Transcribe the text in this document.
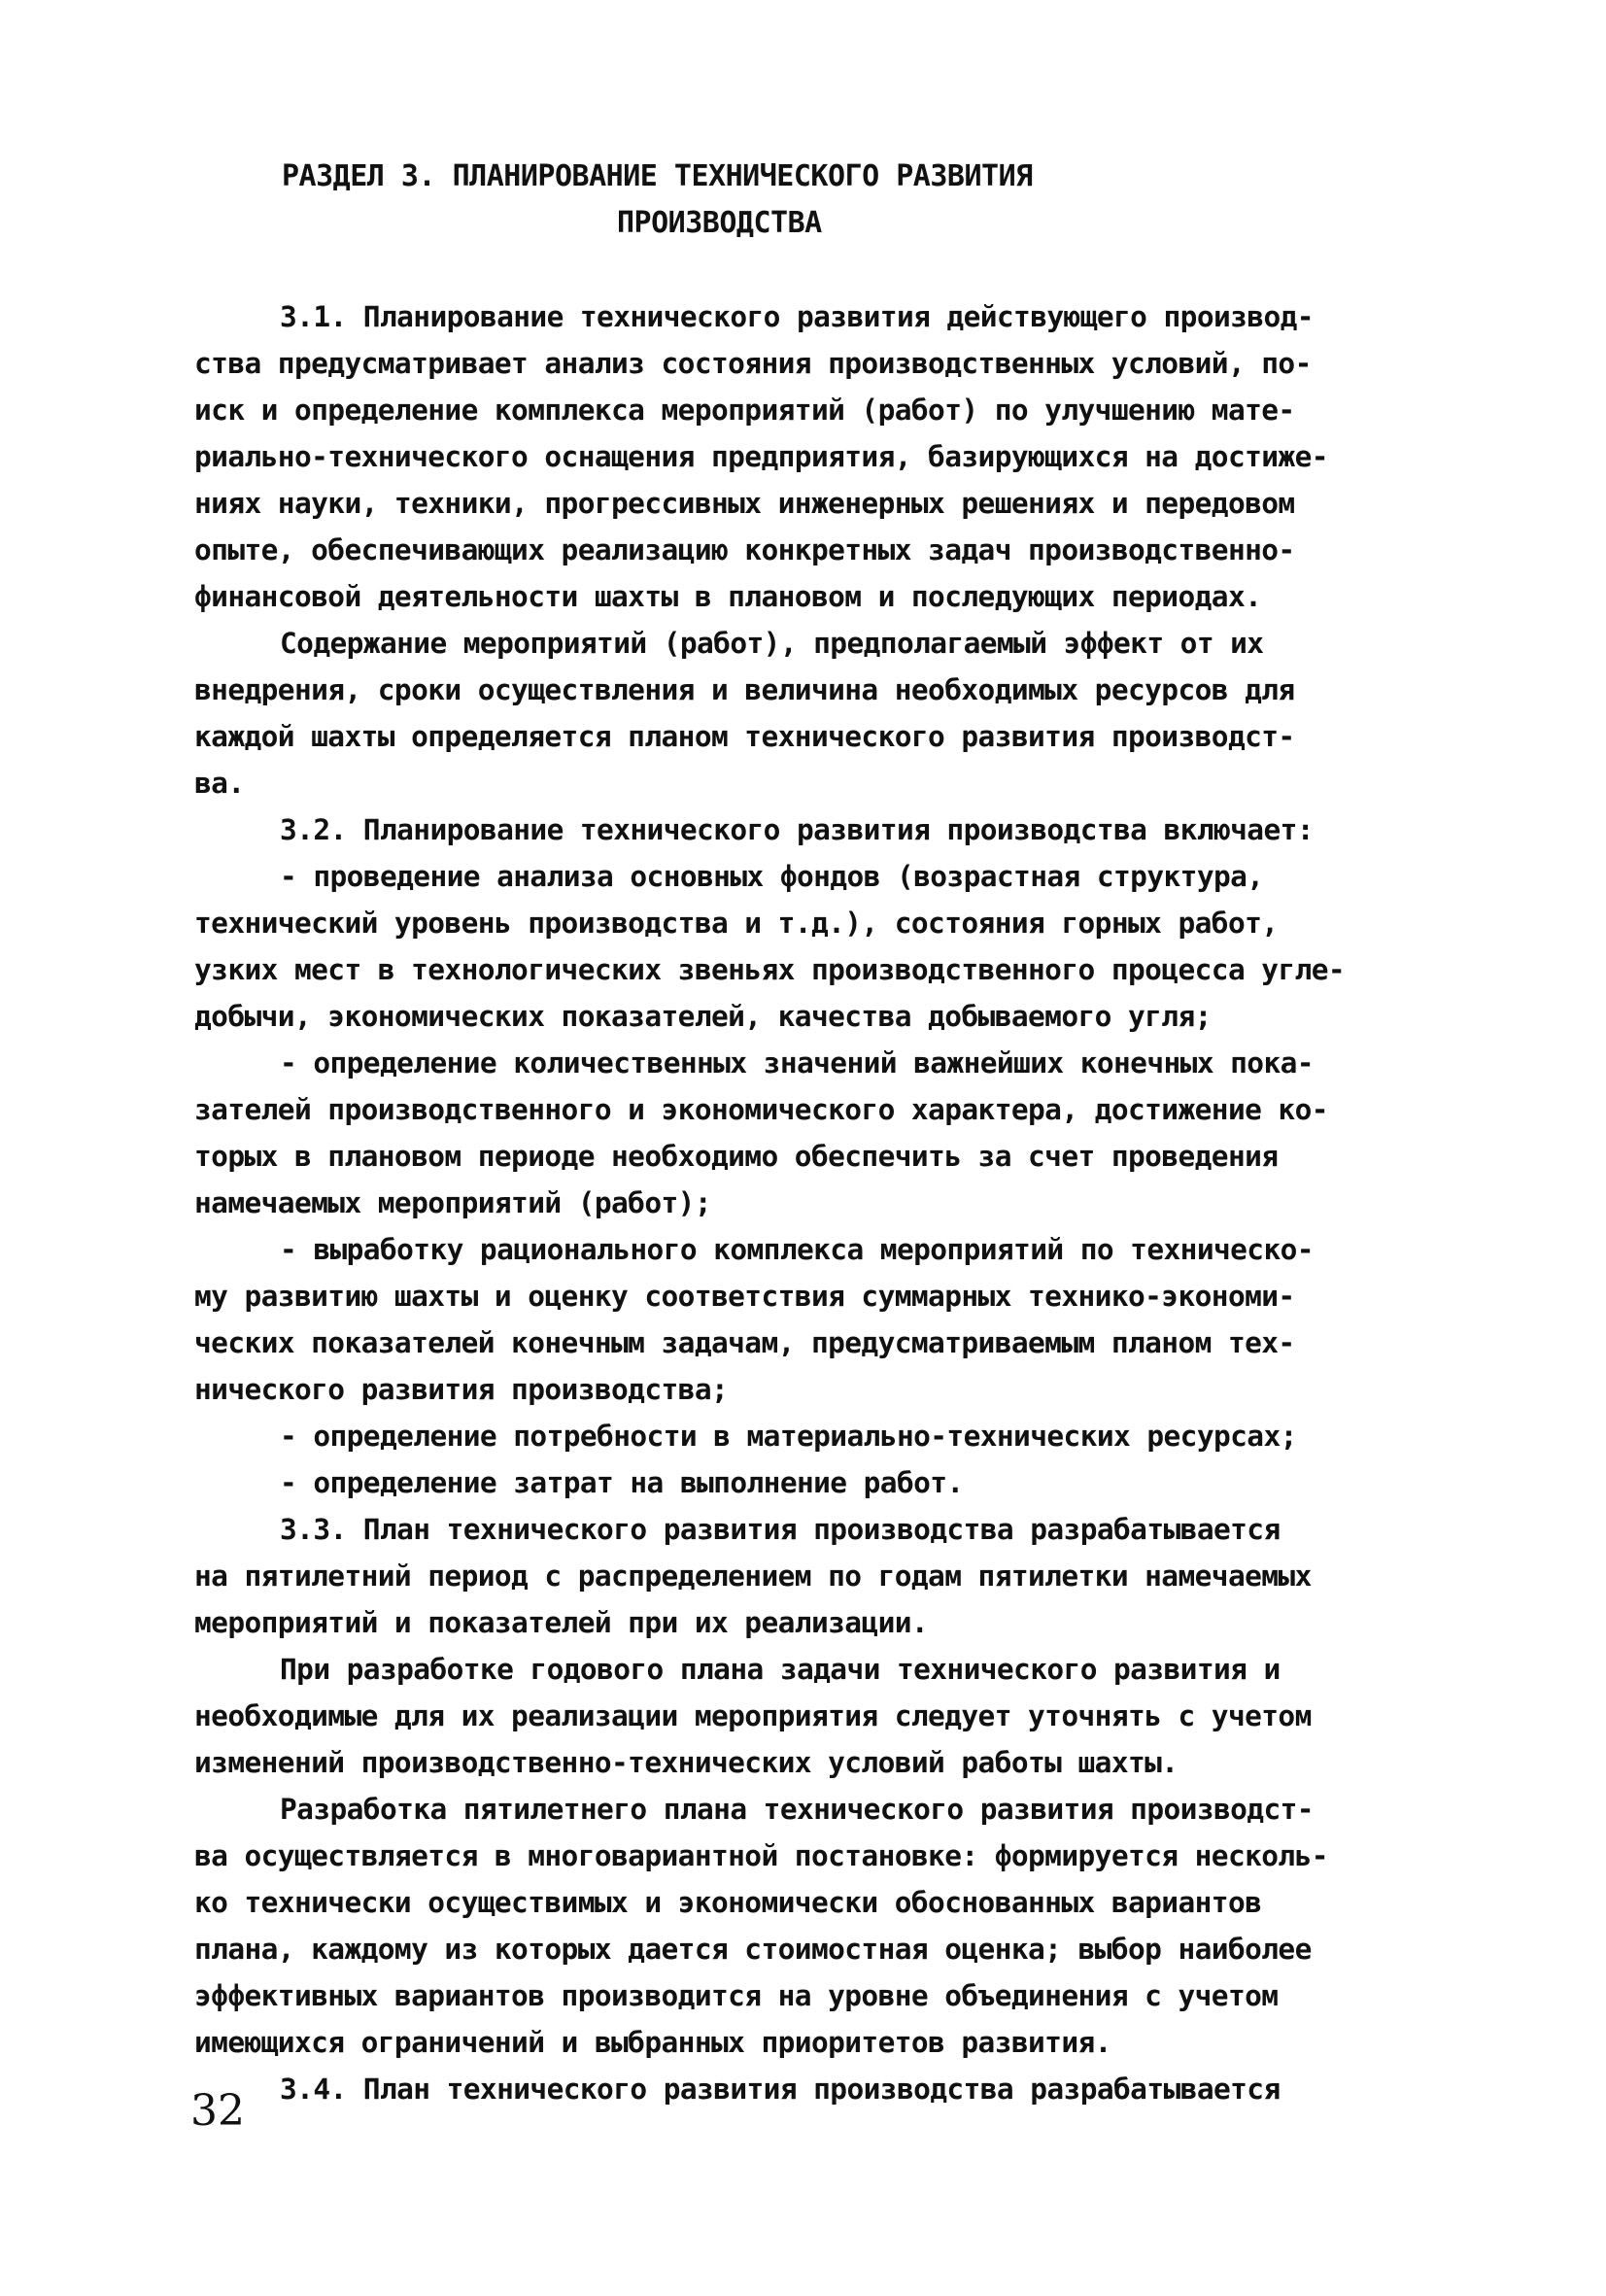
РАЗДЕЛ 3. ПЛАНИРОВАНИЕ ТЕХНИЧЕСКОГО РАЗВИТИЯ
ПРОИЗВОДСТВА
3.1. Планирование технического развития действующего производ-
ства предусматривает анализ состояния производственных условий, по-
иск и определение комплекса мероприятий (работ) по улучшению мате-
риально-технического оснащения предприятия, базирующихся на достиже-
ниях науки, техники, прогрессивных инженерных решениях и передовом
опыте, обеспечивающих реализацию конкретных задач производственно-
финансовой деятельности шахты в плановом и последующих периодах.
Содержание мероприятий (работ), предполагаемый эффект от их
внедрения, сроки осуществления и величина необходимых ресурсов для
каждой шахты определяется планом технического развития производст-
ва.
3.2. Планирование технического развития производства включает:
- проведение анализа основных фондов (возрастная структура,
технический уровень производства и т.д.), состояния горных работ,
узких мест в технологических звеньях производственного процесса угле-
добычи, экономических показателей, качества добываемого угля;
- определение количественных значений важнейших конечных пока-
зателей производственного и экономического характера, достижение ко-
торых в плановом периоде необходимо обеспечить за счет проведения
намечаемых мероприятий (работ);
- выработку рационального комплекса мероприятий по техническо-
му развитию шахты и оценку соответствия суммарных технико-экономи-
ческих показателей конечным задачам, предусматриваемым планом тех-
нического развития производства;
- определение потребности в материально-технических ресурсах;
- определение затрат на выполнение работ.
3.3. План технического развития производства разрабатывается
на пятилетний период с распределением по годам пятилетки намечаемых
мероприятий и показателей при их реализации.
При разработке годового плана задачи технического развития и
необходимые для их реализации мероприятия следует уточнять с учетом
изменений производственно-технических условий работы шахты.
Разработка пятилетнего плана технического развития производст-
ва осуществляется в многовариантной постановке: формируется несколь-
ко технически осуществимых и экономически обоснованных вариантов
плана, каждому из которых дается стоимостная оценка; выбор наиболее
эффективных вариантов производится на уровне объединения с учетом
имеющихся ограничений и выбранных приоритетов развития.
3.4. План технического развития производства разрабатывается
32
